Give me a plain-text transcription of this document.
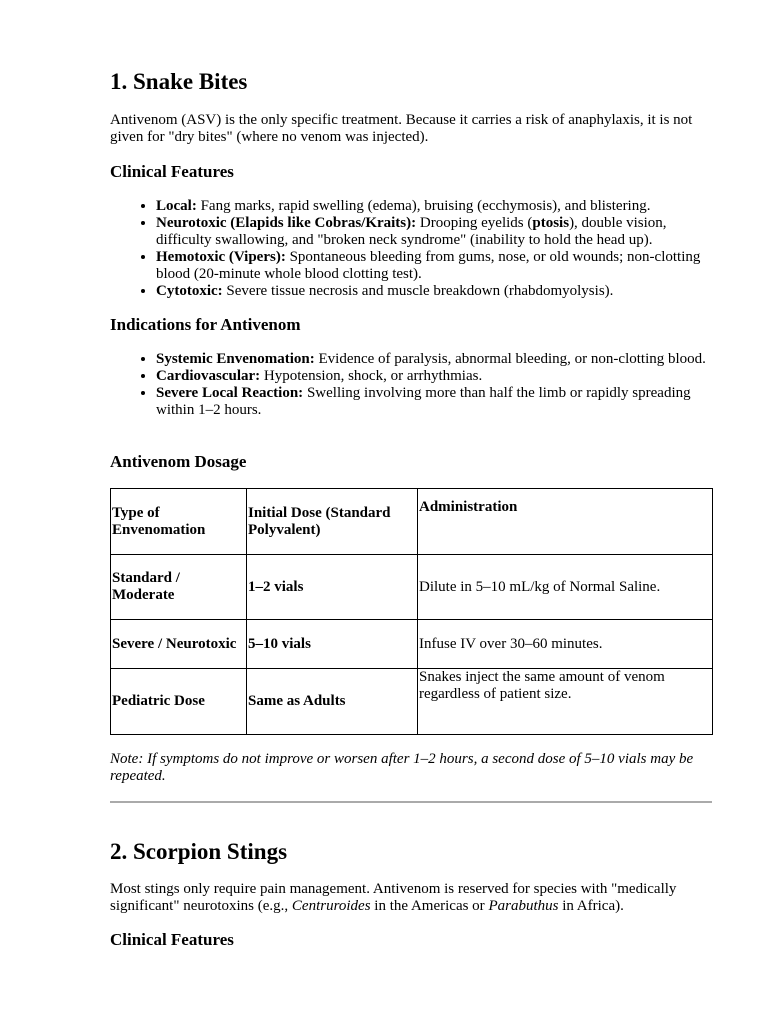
1. Snake Bites

Antivenom (ASV) is the only specific treatment. Because it carries a risk of anaphylaxis, it is not given for "dry bites" (where no venom was injected).

Clinical Features
• Local: Fang marks, rapid swelling (edema), bruising (ecchymosis), and blistering.
• Neurotoxic (Elapids like Cobras/Kraits): Drooping eyelids (ptosis), double vision, difficulty swallowing, and "broken neck syndrome" (inability to hold the head up).
• Hemotoxic (Vipers): Spontaneous bleeding from gums, nose, or old wounds; non-clotting blood (20-minute whole blood clotting test).
• Cytotoxic: Severe tissue necrosis and muscle breakdown (rhabdomyolysis).
Indications for Antivenom
• Systemic Envenomation: Evidence of paralysis, abnormal bleeding, or non-clotting blood.
• Cardiovascular: Hypotension, shock, or arrhythmias.
• Severe Local Reaction: Swelling involving more than half the limb or rapidly spreading within 1–2 hours.
Antivenom Dosage
Type of Envenomation	Initial Dose (Standard Polyvalent)	Administration
Standard / Moderate	1–2 vials	Dilute in 5–10 mL/kg of Normal Saline.
Severe / Neurotoxic	5–10 vials	Infuse IV over 30–60 minutes.
Pediatric Dose	Same as Adults	Snakes inject the same amount of venom regardless of patient size.

Note: If symptoms do not improve or worsen after 1–2 hours, a second dose of 5–10 vials may be repeated.

2. Scorpion Stings

Most stings only require pain management. Antivenom is reserved for species with "medically significant" neurotoxins (e.g., Centruroides in the Americas or Parabuthus in Africa).

Clinical Features
